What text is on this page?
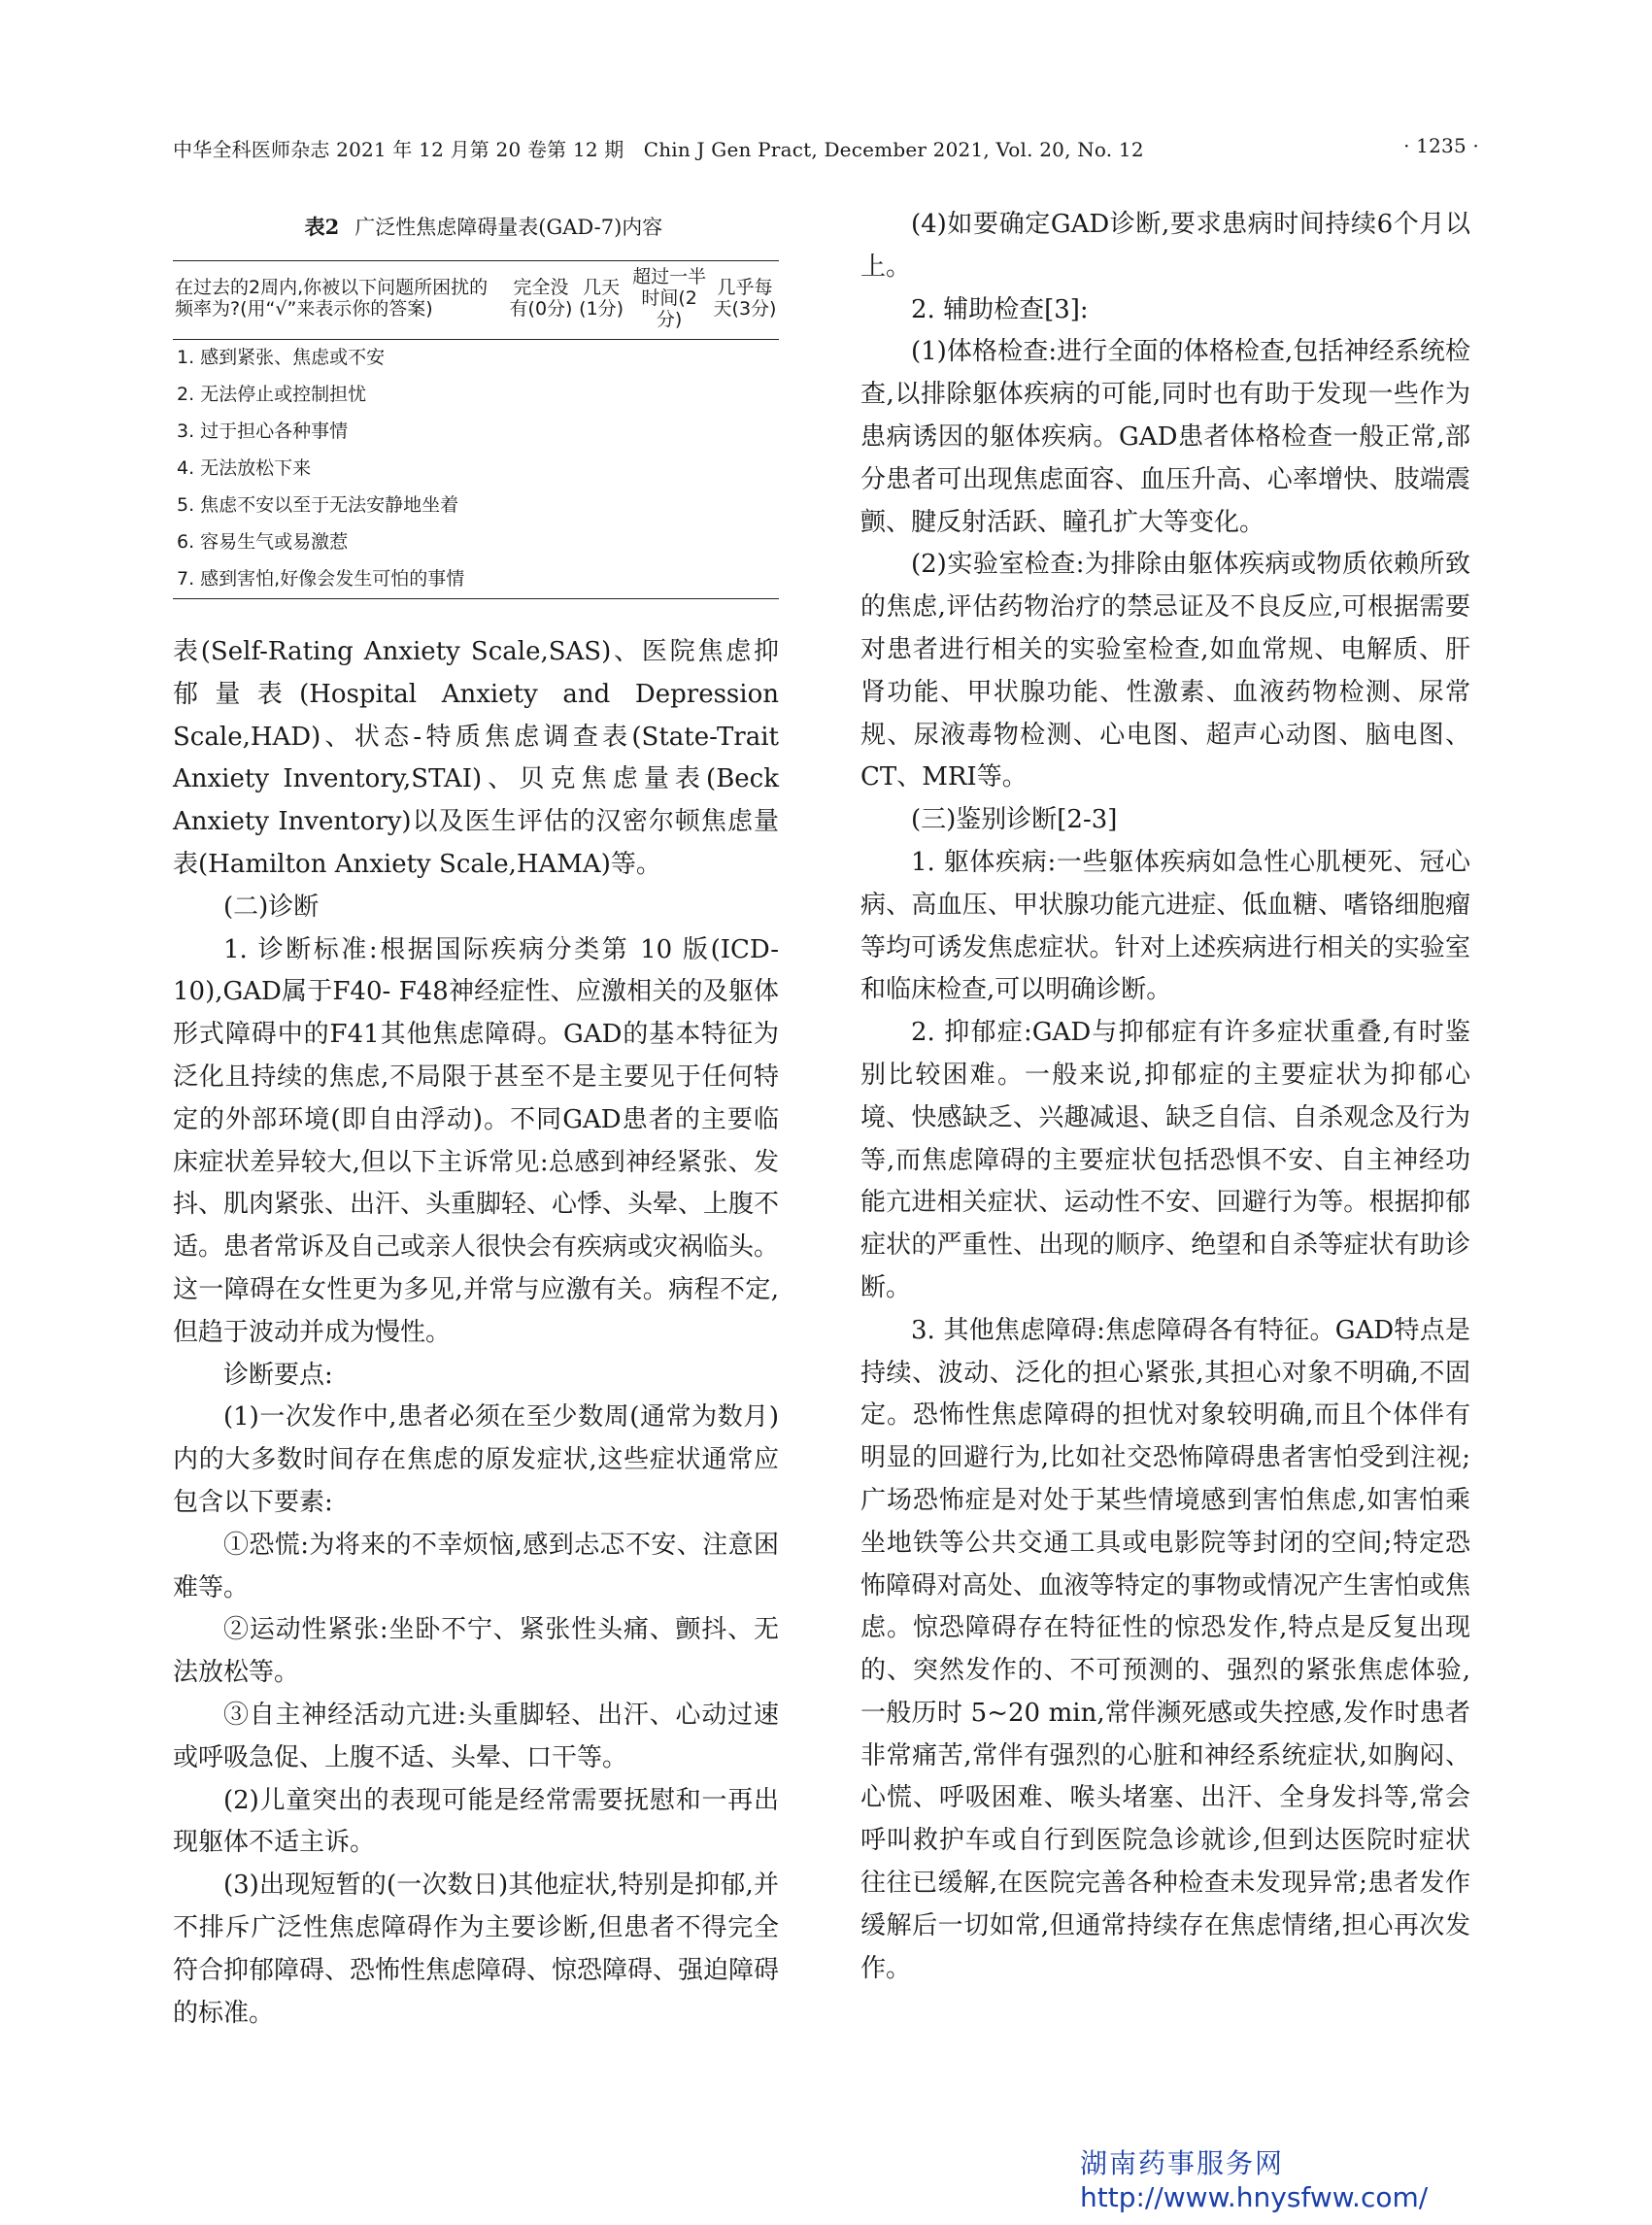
中华全科医师杂志 2021 年 12 月第 20 卷第 12 期　Chin J Gen Pract, December 2021, Vol. 20, No. 12	· 1235 ·
表2 广泛性焦虑障碍量表(GAD-7)内容
在过去的2周内,你被以下问题所困扰的频率为?(用“√”来表示你的答案)	完全没有(0分)	几天(1分)	超过一半时间(2分)	几乎每天(3分)
1. 感到紧张、焦虑或不安
2. 无法停止或控制担忧
3. 过于担心各种事情
4. 无法放松下来
5. 焦虑不安以至于无法安静地坐着
6. 容易生气或易激惹
7. 感到害怕,好像会发生可怕的事情

表(Self-Rating Anxiety Scale,SAS)、医院焦虑抑郁量表(Hospital Anxiety and Depression Scale,HAD)、状态-特质焦虑调查表(State-Trait Anxiety Inventory,STAI)、贝克焦虑量表(Beck Anxiety Inventory)以及医生评估的汉密尔顿焦虑量表(Hamilton Anxiety Scale,HAMA)等。

(二)诊断

1. 诊断标准:根据国际疾病分类第 10 版(ICD-10),GAD属于F40- F48神经症性、应激相关的及躯体形式障碍中的F41其他焦虑障碍。GAD的基本特征为泛化且持续的焦虑,不局限于甚至不是主要见于任何特定的外部环境(即自由浮动)。不同GAD患者的主要临床症状差异较大,但以下主诉常见:总感到神经紧张、发抖、肌肉紧张、出汗、头重脚轻、心悸、头晕、上腹不适。患者常诉及自己或亲人很快会有疾病或灾祸临头。这一障碍在女性更为多见,并常与应激有关。病程不定,但趋于波动并成为慢性。

诊断要点:

(1)一次发作中,患者必须在至少数周(通常为数月)内的大多数时间存在焦虑的原发症状,这些症状通常应包含以下要素:

①恐慌:为将来的不幸烦恼,感到忐忑不安、注意困难等。

②运动性紧张:坐卧不宁、紧张性头痛、颤抖、无法放松等。

③自主神经活动亢进:头重脚轻、出汗、心动过速或呼吸急促、上腹不适、头晕、口干等。

(2)儿童突出的表现可能是经常需要抚慰和一再出现躯体不适主诉。

(3)出现短暂的(一次数日)其他症状,特别是抑郁,并不排斥广泛性焦虑障碍作为主要诊断,但患者不得完全符合抑郁障碍、恐怖性焦虑障碍、惊恐障碍、强迫障碍的标准。

(4)如要确定GAD诊断,要求患病时间持续6个月以上。

2. 辅助检查[3]:

(1)体格检查:进行全面的体格检查,包括神经系统检查,以排除躯体疾病的可能,同时也有助于发现一些作为患病诱因的躯体疾病。GAD患者体格检查一般正常,部分患者可出现焦虑面容、血压升高、心率增快、肢端震颤、腱反射活跃、瞳孔扩大等变化。

(2)实验室检查:为排除由躯体疾病或物质依赖所致的焦虑,评估药物治疗的禁忌证及不良反应,可根据需要对患者进行相关的实验室检查,如血常规、电解质、肝肾功能、甲状腺功能、性激素、血液药物检测、尿常规、尿液毒物检测、心电图、超声心动图、脑电图、CT、MRI等。

(三)鉴别诊断[2-3]

1. 躯体疾病:一些躯体疾病如急性心肌梗死、冠心病、高血压、甲状腺功能亢进症、低血糖、嗜铬细胞瘤等均可诱发焦虑症状。针对上述疾病进行相关的实验室和临床检查,可以明确诊断。

2. 抑郁症:GAD与抑郁症有许多症状重叠,有时鉴别比较困难。一般来说,抑郁症的主要症状为抑郁心境、快感缺乏、兴趣减退、缺乏自信、自杀观念及行为等,而焦虑障碍的主要症状包括恐惧不安、自主神经功能亢进相关症状、运动性不安、回避行为等。根据抑郁症状的严重性、出现的顺序、绝望和自杀等症状有助诊断。

3. 其他焦虑障碍:焦虑障碍各有特征。GAD特点是持续、波动、泛化的担心紧张,其担心对象不明确,不固定。恐怖性焦虑障碍的担忧对象较明确,而且个体伴有明显的回避行为,比如社交恐怖障碍患者害怕受到注视;广场恐怖症是对处于某些情境感到害怕焦虑,如害怕乘坐地铁等公共交通工具或电影院等封闭的空间;特定恐怖障碍对高处、血液等特定的事物或情况产生害怕或焦虑。惊恐障碍存在特征性的惊恐发作,特点是反复出现的、突然发作的、不可预测的、强烈的紧张焦虑体验,一般历时 5~20 min,常伴濒死感或失控感,发作时患者非常痛苦,常伴有强烈的心脏和神经系统症状,如胸闷、心慌、呼吸困难、喉头堵塞、出汗、全身发抖等,常会呼叫救护车或自行到医院急诊就诊,但到达医院时症状往往已缓解,在医院完善各种检查未发现异常;患者发作缓解后一切如常,但通常持续存在焦虑情绪,担心再次发作。

湖南药事服务网
http://www.hnysfww.com/
